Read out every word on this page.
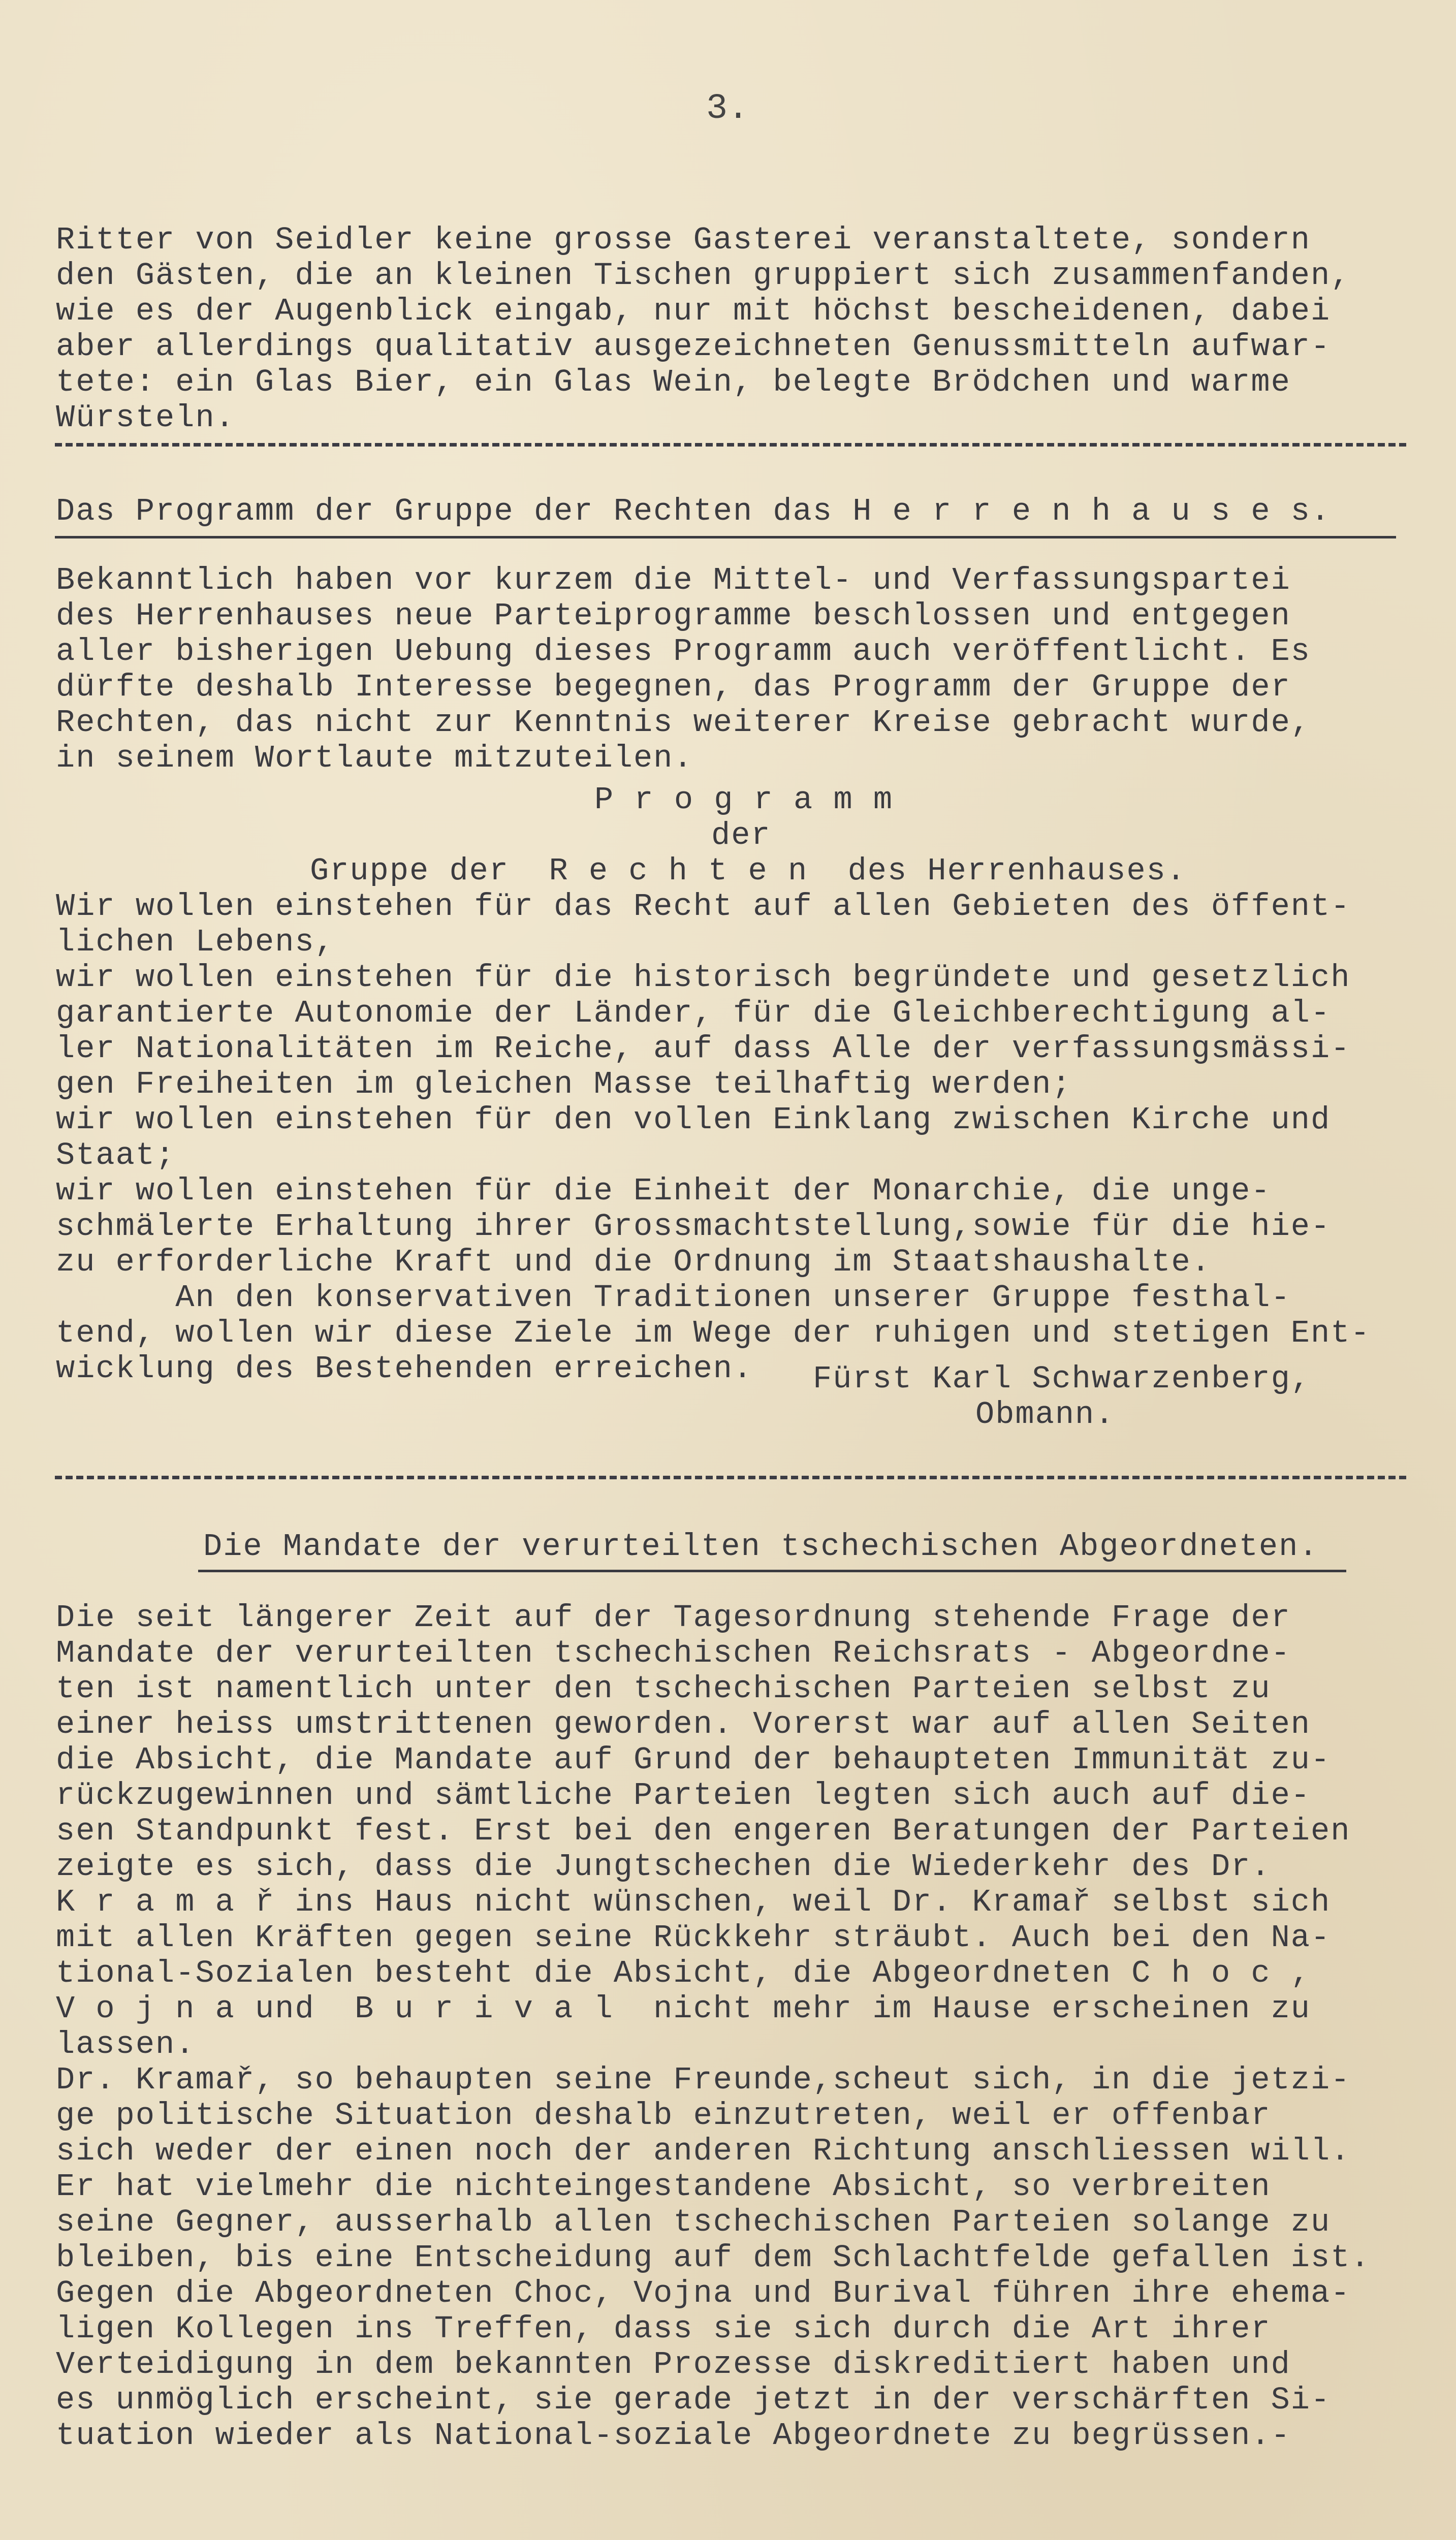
3.
Ritter von Seidler keine grosse Gasterei veranstaltete, sondern
den Gästen, die an kleinen Tischen gruppiert sich zusammenfanden,
wie es der Augenblick eingab, nur mit höchst bescheidenen, dabei
aber allerdings qualitativ ausgezeichneten Genussmitteln aufwar-
tete: ein Glas Bier, ein Glas Wein, belegte Brödchen und warme
Würsteln.
Das Programm der Gruppe der Rechten das H e r r e n h a u s e s.
Bekanntlich haben vor kurzem die Mittel- und Verfassungspartei
des Herrenhauses neue Parteiprogramme beschlossen und entgegen
aller bisherigen Uebung dieses Programm auch veröffentlicht. Es
dürfte deshalb Interesse begegnen, das Programm der Gruppe der
Rechten, das nicht zur Kenntnis weiterer Kreise gebracht wurde,
in seinem Wortlaute mitzuteilen.
P r o g r a m m
der
Gruppe der  R e c h t e n  des Herrenhauses.
Wir wollen einstehen für das Recht auf allen Gebieten des öffent-
lichen Lebens,
wir wollen einstehen für die historisch begründete und gesetzlich
garantierte Autonomie der Länder, für die Gleichberechtigung al-
ler Nationalitäten im Reiche, auf dass Alle der verfassungsmässi-
gen Freiheiten im gleichen Masse teilhaftig werden;
wir wollen einstehen für den vollen Einklang zwischen Kirche und
Staat;
wir wollen einstehen für die Einheit der Monarchie, die unge-
schmälerte Erhaltung ihrer Grossmachtstellung,sowie für die hie-
zu erforderliche Kraft und die Ordnung im Staatshaushalte.
An den konservativen Traditionen unserer Gruppe festhal-
tend, wollen wir diese Ziele im Wege der ruhigen und stetigen Ent-
wicklung des Bestehenden erreichen.	Fürst Karl Schwarzenberg,
Obmann.
Die Mandate der verurteilten tschechischen Abgeordneten.
Die seit längerer Zeit auf der Tagesordnung stehende Frage der
Mandate der verurteilten tschechischen Reichsrats - Abgeordne-
ten ist namentlich unter den tschechischen Parteien selbst zu
einer heiss umstrittenen geworden. Vorerst war auf allen Seiten
die Absicht, die Mandate auf Grund der behaupteten Immunität zu-
rückzugewinnen und sämtliche Parteien legten sich auch auf die-
sen Standpunkt fest. Erst bei den engeren Beratungen der Parteien
zeigte es sich, dass die Jungtschechen die Wiederkehr des Dr.
K r a m a ř ins Haus nicht wünschen, weil Dr. Kramař selbst sich
mit allen Kräften gegen seine Rückkehr sträubt. Auch bei den Na-
tional-Sozialen besteht die Absicht, die Abgeordneten C h o c ,
V o j n a und  B u r i v a l  nicht mehr im Hause erscheinen zu
lassen.
Dr. Kramař, so behaupten seine Freunde,scheut sich, in die jetzi-
ge politische Situation deshalb einzutreten, weil er offenbar
sich weder der einen noch der anderen Richtung anschliessen will.
Er hat vielmehr die nichteingestandene Absicht, so verbreiten
seine Gegner, ausserhalb allen tschechischen Parteien solange zu
bleiben, bis eine Entscheidung auf dem Schlachtfelde gefallen ist.
Gegen die Abgeordneten Choc, Vojna und Burival führen ihre ehema-
ligen Kollegen ins Treffen, dass sie sich durch die Art ihrer
Verteidigung in dem bekannten Prozesse diskreditiert haben und
es unmöglich erscheint, sie gerade jetzt in der verschärften Si-
tuation wieder als National-soziale Abgeordnete zu begrüssen.-
